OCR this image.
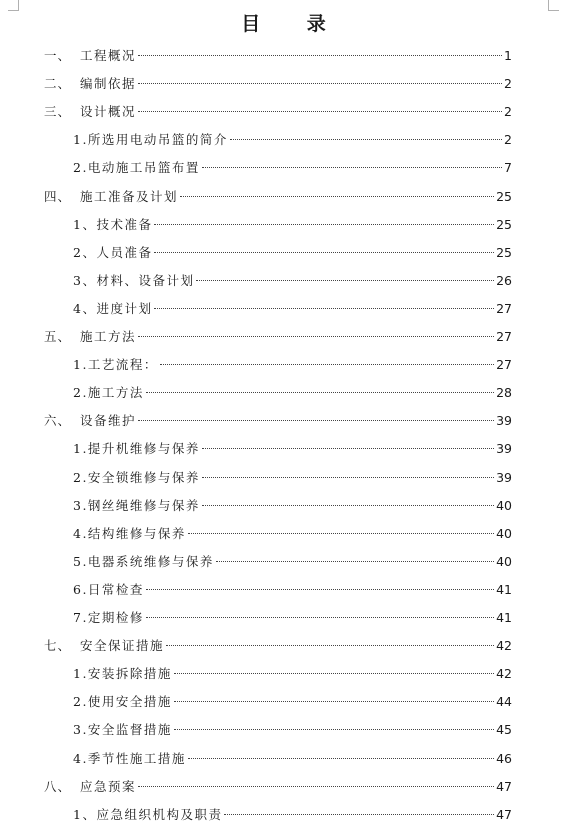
目 录
一、 工程概况	1
二、 编制依据	2
三、 设计概况	2
1.所选用电动吊篮的简介	2
2.电动施工吊篮布置	7
四、 施工准备及计划	25
1、技术准备	25
2、人员准备	25
3、材料、设备计划	26
4、进度计划	27
五、 施工方法	27
1.工艺流程：	27
2.施工方法	28
六、 设备维护	39
1.提升机维修与保养	39
2.安全锁维修与保养	39
3.钢丝绳维修与保养	40
4.结构维修与保养	40
5.电器系统维修与保养	40
6.日常检查	41
7.定期检修	41
七、 安全保证措施	42
1.安装拆除措施	42
2.使用安全措施	44
3.安全监督措施	45
4.季节性施工措施	46
八、 应急预案	47
1、应急组织机构及职责	47
